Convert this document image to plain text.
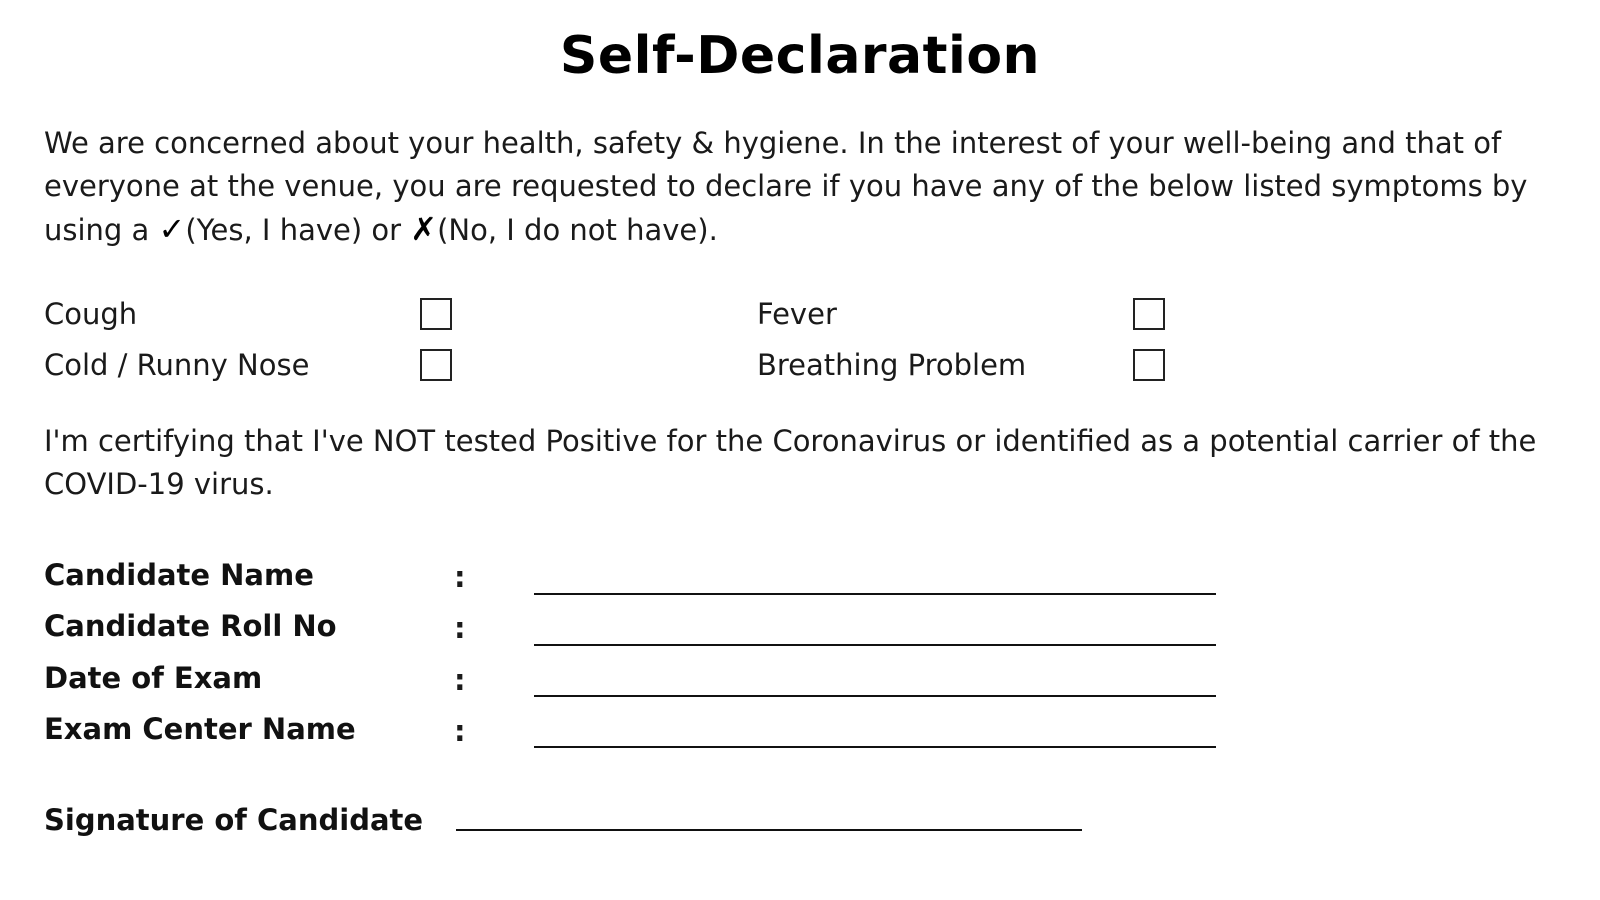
Self-Declaration
We are concerned about your health, safety & hygiene. In the interest of your well-being and that of everyone at the venue, you are requested to declare if you have any of the below listed symptoms by using a ✓(Yes, I have) or ✗(No, I do not have).
Cough	Fever
Cold / Runny Nose	Breathing Problem
I'm certifying that I've NOT tested Positive for the Coronavirus or identified as a potential carrier of the COVID-19 virus.
Candidate Name	:
Candidate Roll No	:
Date of Exam	:
Exam Center Name	:
Signature of Candidate
